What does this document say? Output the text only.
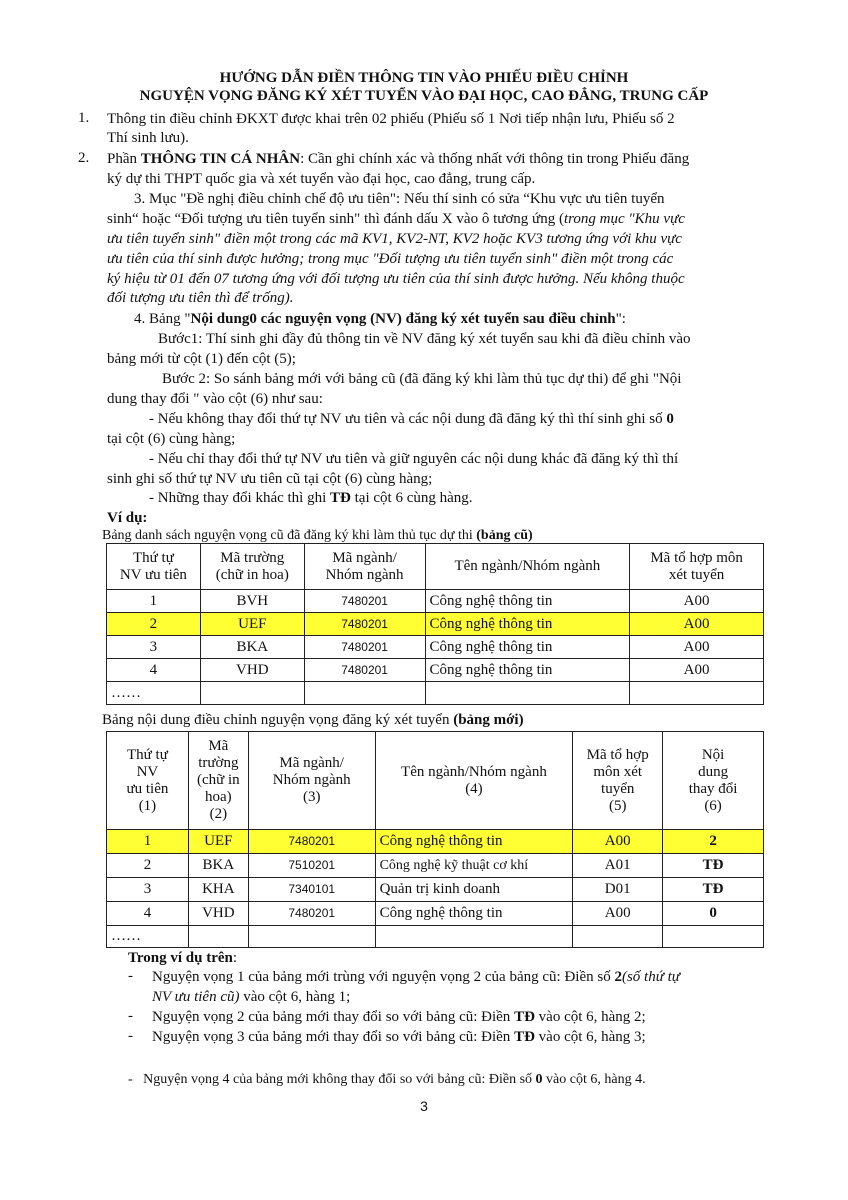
HƯỚNG DẪN ĐIỀN THÔNG TIN VÀO PHIẾU ĐIỀU CHỈNH
NGUYỆN VỌNG ĐĂNG KÝ XÉT TUYỂN VÀO ĐẠI HỌC, CAO ĐẲNG, TRUNG CẤP
1. Thông tin điều chỉnh ĐKXT được khai trên 02 phiếu (Phiếu số 1 Nơi tiếp nhận lưu, Phiếu số 2
Thí sinh lưu).
2. Phần THÔNG TIN CÁ NHÂN: Cần ghi chính xác và thống nhất với thông tin trong Phiếu đăng
ký dự thi THPT quốc gia và xét tuyển vào đại học, cao đẳng, trung cấp.
3. Mục "Đề nghị điều chỉnh chế độ ưu tiên": Nếu thí sinh có sửa “Khu vực ưu tiên tuyển
sinh“ hoặc “Đối tượng ưu tiên tuyển sinh" thì đánh dấu X vào ô tương ứng (trong mục "Khu vực
ưu tiên tuyển sinh" điền một trong các mã KV1, KV2-NT, KV2 hoặc KV3 tương ứng với khu vực
ưu tiên của thí sinh được hưởng; trong mục "Đối tượng ưu tiên tuyển sinh" điền một trong các
ký hiệu từ 01 đến 07 tương ứng với đối tượng ưu tiên của thí sinh được hưởng. Nếu không thuộc
đối tượng ưu tiên thì để trống).
4. Bảng "Nội dung0 các nguyện vọng (NV) đăng ký xét tuyển sau điều chỉnh":
Bước1: Thí sinh ghi đầy đủ thông tin về NV đăng ký xét tuyển sau khi đã điều chỉnh vào
bảng mới từ cột (1) đến cột (5);
Bước 2: So sánh bảng mới với bảng cũ (đã đăng ký khi làm thủ tục dự thi) để ghi "Nội
dung thay đổi " vào cột (6) như sau:
- Nếu không thay đổi thứ tự NV ưu tiên và các nội dung đã đăng ký thì thí sinh ghi số 0
tại cột (6) cùng hàng;
- Nếu chỉ thay đổi thứ tự NV ưu tiên và giữ nguyên các nội dung khác đã đăng ký thì thí
sinh ghi số thứ tự NV ưu tiên cũ tại cột (6) cùng hàng;
- Những thay đổi khác thì ghi TĐ tại cột 6 cùng hàng.
Ví dụ:
Bảng danh sách nguyện vọng cũ đã đăng ký khi làm thủ tục dự thi (bảng cũ)
Thứ tự
NV ưu tiên	Mã trường
(chữ in hoa)	Mã ngành/
Nhóm ngành	Tên ngành/Nhóm ngành	Mã tổ hợp môn
xét tuyển
1	BVH	7480201	Công nghệ thông tin	A00
2	UEF	7480201	Công nghệ thông tin	A00
3	BKA	7480201	Công nghệ thông tin	A00
4	VHD	7480201	Công nghệ thông tin	A00
……				
Bảng nội dung điều chỉnh nguyện vọng đăng ký xét tuyển (bảng mới)
Thứ tự
NV
ưu tiên
(1)	Mã
trường
(chữ in
hoa)
(2)	Mã ngành/
Nhóm ngành
(3)	Tên ngành/Nhóm ngành
(4)	Mã tổ hợp
môn xét
tuyển
(5)	Nội
dung
thay đổi
(6)
1	UEF	7480201	Công nghệ thông tin	A00	2
2	BKA	7510201	Công nghệ kỹ thuật cơ khí	A01	TĐ
3	KHA	7340101	Quản trị kinh doanh	D01	TĐ
4	VHD	7480201	Công nghệ thông tin	A00	0
……					
Trong ví dụ trên:
- Nguyện vọng 1 của bảng mới trùng với nguyện vọng 2 của bảng cũ: Điền số 2(số thứ tự
NV ưu tiên cũ) vào cột 6, hàng 1;
- Nguyện vọng 2 của bảng mới thay đổi so với bảng cũ: Điền TĐ vào cột 6, hàng 2;
- Nguyện vọng 3 của bảng mới thay đổi so với bảng cũ: Điền TĐ vào cột 6, hàng 3;
-   Nguyện vọng 4 của bảng mới không thay đổi so với bảng cũ: Điền số 0 vào cột 6, hàng 4.
3
